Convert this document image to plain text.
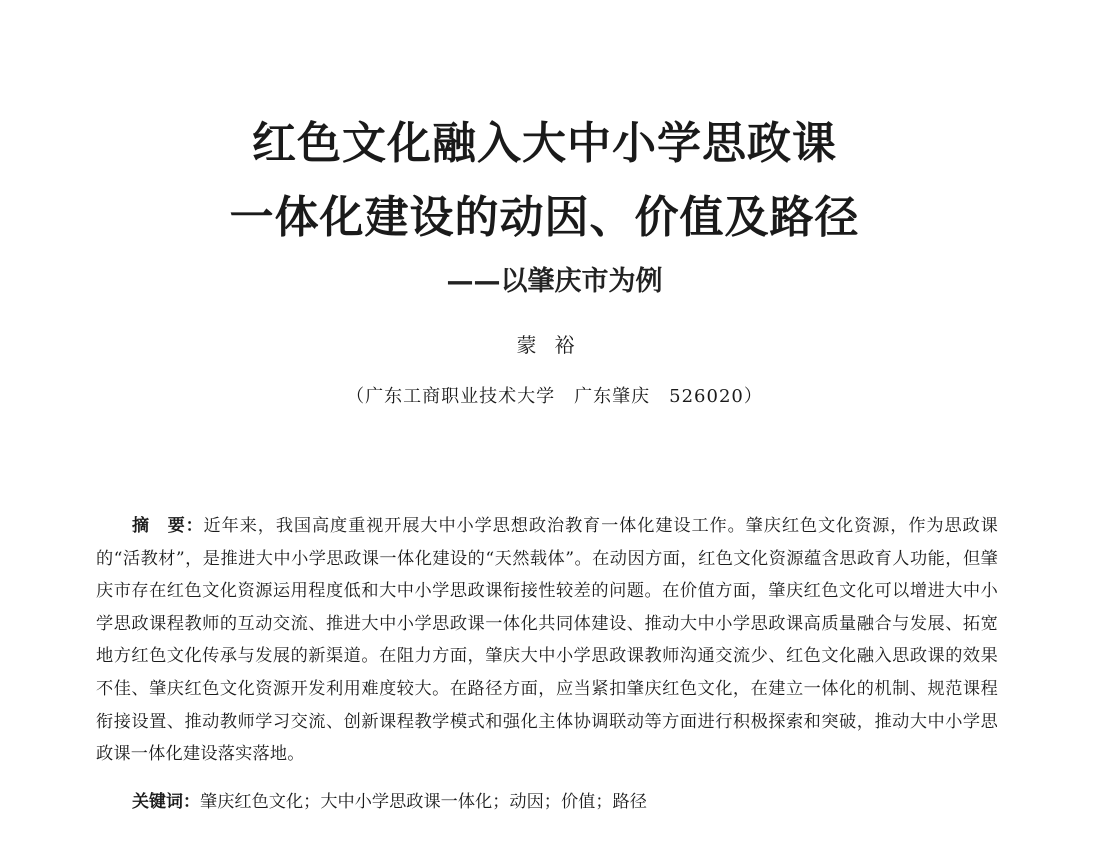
红色文化融入大中小学思政课
一体化建设的动因、价值及路径
——以肇庆市为例

蒙裕

（广东工商职业技术大学　广东肇庆　526020）

摘　要：近年来，我国高度重视开展大中小学思想政治教育一体化建设工作。肇庆红色文化资源，作为思政课的“活教材”，是推进大中小学思政课一体化建设的“天然载体”。在动因方面，红色文化资源蕴含思政育人功能，但肇庆市存在红色文化资源运用程度低和大中小学思政课衔接性较差的问题。在价值方面，肇庆红色文化可以增进大中小学思政课程教师的互动交流、推进大中小学思政课一体化共同体建设、推动大中小学思政课高质量融合与发展、拓宽地方红色文化传承与发展的新渠道。在阻力方面，肇庆大中小学思政课教师沟通交流少、红色文化融入思政课的效果不佳、肇庆红色文化资源开发利用难度较大。在路径方面，应当紧扣肇庆红色文化，在建立一体化的机制、规范课程衔接设置、推动教师学习交流、创新课程教学模式和强化主体协调联动等方面进行积极探索和突破，推动大中小学思政课一体化建设落实落地。

关键词：肇庆红色文化；大中小学思政课一体化；动因；价值；路径
